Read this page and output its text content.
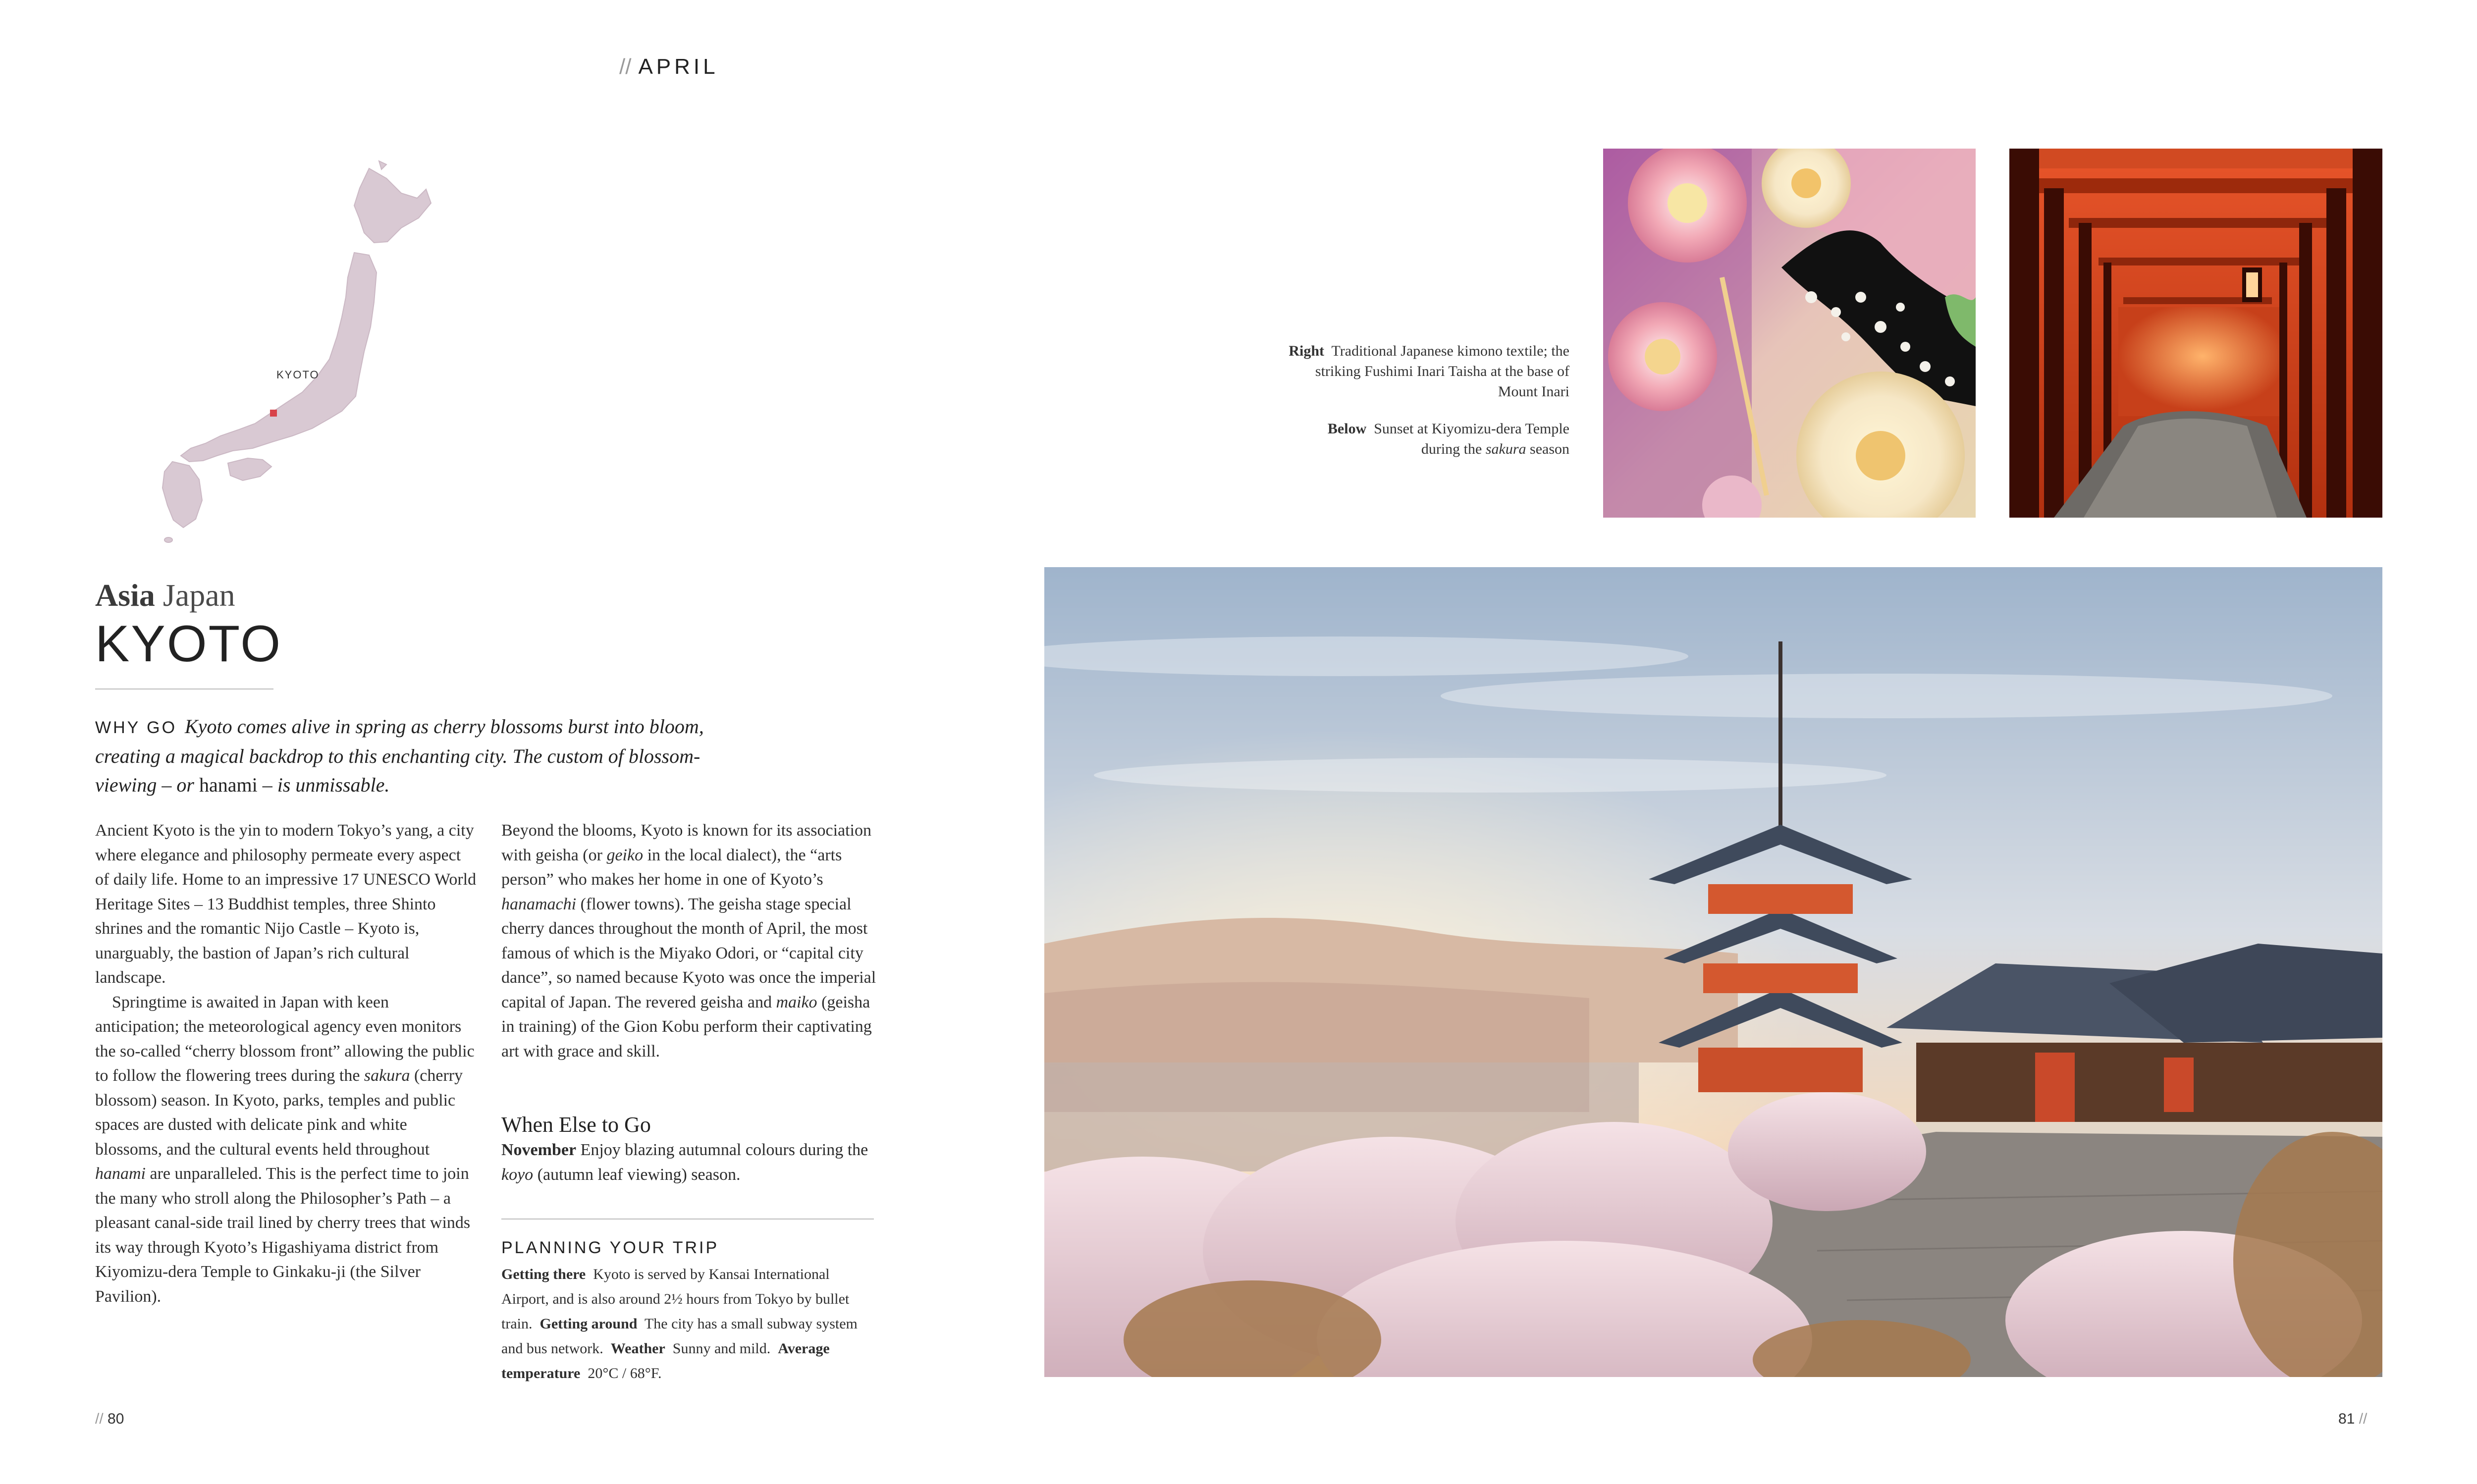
// APRIL
KYOTO
Asia Japan
KYOTO

WHY GO Kyoto comes alive in spring as cherry blossoms burst into bloom, creating a magical backdrop to this enchanting city. The custom of blossom-viewing – or hanami – is unmissable.

Ancient Kyoto is the yin to modern Tokyo’s yang, a city where elegance and philosophy permeate every aspect of daily life. Home to an impressive 17 UNESCO World Heritage Sites – 13 Buddhist temples, three Shinto shrines and the romantic Nijo Castle – Kyoto is, unarguably, the bastion of Japan’s rich cultural landscape.

Springtime is awaited in Japan with keen anticipation; the meteorological agency even monitors the so-called “cherry blossom front” allowing the public to follow the flowering trees during the sakura (cherry blossom) season. In Kyoto, parks, temples and public spaces are dusted with delicate pink and white blossoms, and the cultural events held throughout hanami are unparalleled. This is the perfect time to join the many who stroll along the Philosopher’s Path – a pleasant canal-side trail lined by cherry trees that winds its way through Kyoto’s Higashiyama district from Kiyomizu-dera Temple to Ginkaku-ji (the Silver Pavilion).

Beyond the blooms, Kyoto is known for its association with geisha (or geiko in the local dialect), the “arts person” who makes her home in one of Kyoto’s hanamachi (flower towns). The geisha stage special cherry dances throughout the month of April, the most famous of which is the Miyako Odori, or “capital city dance”, so named because Kyoto was once the imperial capital of Japan. The revered geisha and maiko (geisha in training) of the Gion Kobu perform their captivating art with grace and skill.

When Else to Go

November Enjoy blazing autumnal colours during the koyo (autumn leaf viewing) season.

PLANNING YOUR TRIP

Getting there Kyoto is served by Kansai International Airport, and is also around 2½ hours from Tokyo by bullet train. Getting around The city has a small subway system and bus network. Weather Sunny and mild. Average temperature 20°C / 68°F.

Right Traditional Japanese kimono textile; the striking Fushimi Inari Taisha at the base of Mount Inari

Below Sunset at Kiyomizu-dera Temple during the sakura season

// 80	81 //
